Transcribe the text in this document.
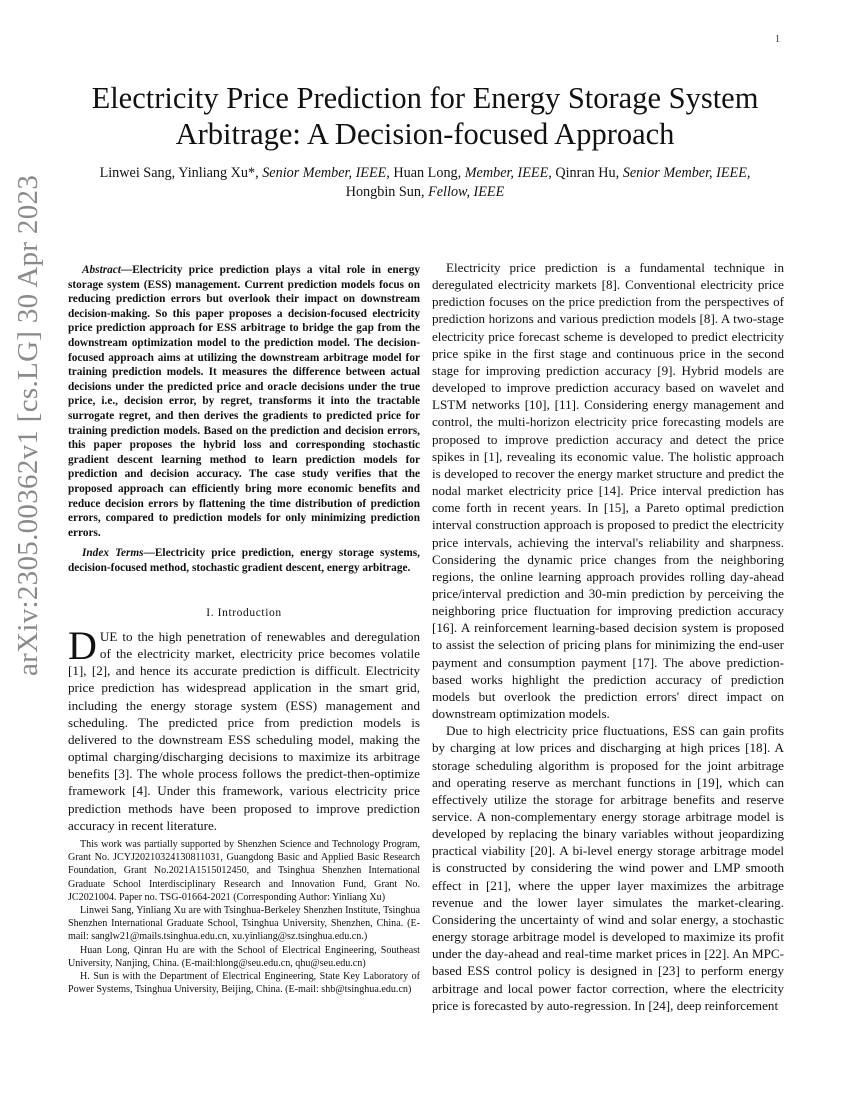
1
arXiv:2305.00362v1 [cs.LG] 30 Apr 2023
Electricity Price Prediction for Energy Storage System Arbitrage: A Decision-focused Approach
Linwei Sang, Yinliang Xu*, Senior Member, IEEE, Huan Long, Member, IEEE, Qinran Hu, Senior Member, IEEE,
Hongbin Sun, Fellow, IEEE
Abstract—Electricity price prediction plays a vital role in energy storage system (ESS) management. Current prediction models focus on reducing prediction errors but overlook their impact on downstream decision-making. So this paper proposes a decision-focused electricity price prediction approach for ESS arbitrage to bridge the gap from the downstream optimization model to the prediction model. The decision-focused approach aims at utilizing the downstream arbitrage model for training prediction models. It measures the difference between actual decisions under the predicted price and oracle decisions under the true price, i.e., decision error, by regret, transforms it into the tractable surrogate regret, and then derives the gradients to predicted price for training prediction models. Based on the prediction and decision errors, this paper proposes the hybrid loss and corresponding stochastic gradient descent learning method to learn prediction models for prediction and decision accuracy. The case study verifies that the proposed approach can efficiently bring more economic benefits and reduce decision errors by flattening the time distribution of prediction errors, compared to prediction models for only minimizing prediction errors.
Index Terms—Electricity price prediction, energy storage systems, decision-focused method, stochastic gradient descent, energy arbitrage.
I. Introduction
DUE to the high penetration of renewables and deregulation of the electricity market, electricity price becomes volatile [1], [2], and hence its accurate prediction is difficult. Electricity price prediction has widespread application in the smart grid, including the energy storage system (ESS) management and scheduling. The predicted price from prediction models is delivered to the downstream ESS scheduling model, making the optimal charging/discharging decisions to maximize its arbitrage benefits [3]. The whole process follows the predict-then-optimize framework [4]. Under this framework, various electricity price prediction methods have been proposed to improve prediction accuracy in recent literature.

This work was partially supported by Shenzhen Science and Technology Program, Grant No. JCYJ20210324130811031, Guangdong Basic and Applied Basic Research Foundation, Grant No.2021A1515012450, and Tsinghua Shenzhen International Graduate School Interdisciplinary Research and Innovation Fund, Grant No. JC2021004. Paper no. TSG-01664-2021 (Corresponding Author: Yinliang Xu)

Linwei Sang, Yinliang Xu are with Tsinghua-Berkeley Shenzhen Institute, Tsinghua Shenzhen International Graduate School, Tsinghua University, Shenzhen, China. (E-mail: sanglw21@mails.tsinghua.edu.cn, xu.yinliang@sz.tsinghua.edu.cn.)

Huan Long, Qinran Hu are with the School of Electrical Engineering, Southeast University, Nanjing, China. (E-mail:hlong@seu.edu.cn, qhu@seu.edu.cn)

H. Sun is with the Department of Electrical Engineering, State Key Laboratory of Power Systems, Tsinghua University, Beijing, China. (E-mail: shb@tsinghua.edu.cn)

Electricity price prediction is a fundamental technique in deregulated electricity markets [8]. Conventional electricity price prediction focuses on the price prediction from the perspectives of prediction horizons and various prediction models [8]. A two-stage electricity price forecast scheme is developed to predict electricity price spike in the first stage and continuous price in the second stage for improving prediction accuracy [9]. Hybrid models are developed to improve prediction accuracy based on wavelet and LSTM networks [10], [11]. Considering energy management and control, the multi-horizon electricity price forecasting models are proposed to improve prediction accuracy and detect the price spikes in [1], revealing its economic value. The holistic approach is developed to recover the energy market structure and predict the nodal market electricity price [14]. Price interval prediction has come forth in recent years. In [15], a Pareto optimal prediction interval construction approach is proposed to predict the electricity price intervals, achieving the interval's reliability and sharpness. Considering the dynamic price changes from the neighboring regions, the online learning approach provides rolling day-ahead price/interval prediction and 30-min prediction by perceiving the neighboring price fluctuation for improving prediction accuracy [16]. A reinforcement learning-based decision system is proposed to assist the selection of pricing plans for minimizing the end-user payment and consumption payment [17]. The above prediction-based works highlight the prediction accuracy of prediction models but overlook the prediction errors' direct impact on downstream optimization models.

Due to high electricity price fluctuations, ESS can gain profits by charging at low prices and discharging at high prices [18]. A storage scheduling algorithm is proposed for the joint arbitrage and operating reserve as merchant functions in [19], which can effectively utilize the storage for arbitrage benefits and reserve service. A non-complementary energy storage arbitrage model is developed by replacing the binary variables without jeopardizing practical viability [20]. A bi-level energy storage arbitrage model is constructed by considering the wind power and LMP smooth effect in [21], where the upper layer maximizes the arbitrage revenue and the lower layer simulates the market-clearing. Considering the uncertainty of wind and solar energy, a stochastic energy storage arbitrage model is developed to maximize its profit under the day-ahead and real-time market prices in [22]. An MPC-based ESS control policy is designed in [23] to perform energy arbitrage and local power factor correction, where the electricity price is forecasted by auto-regression. In [24], deep reinforcement
